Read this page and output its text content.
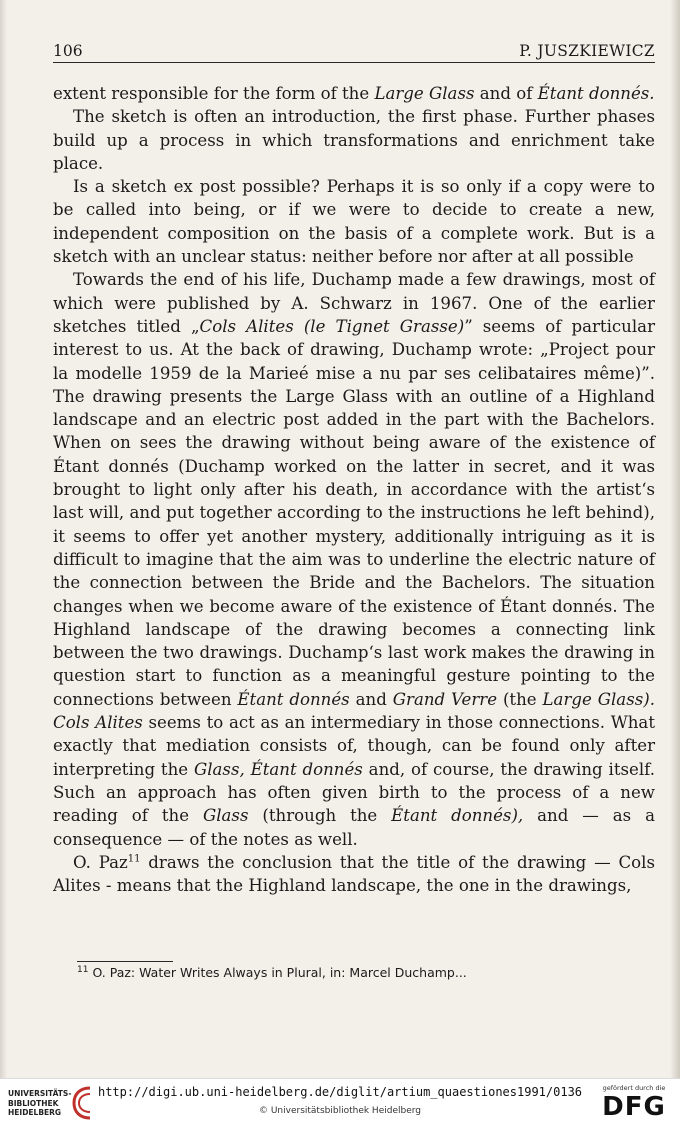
106	P. JUSZKIEWICZ

extent responsible for the form of the Large Glass and of Étant donnés.

The sketch is often an introduction, the first phase. Further phases build up a process in which transformations and enrichment take place.

Is a sketch ex post possible? Perhaps it is so only if a copy were to be called into being, or if we were to decide to create a new, independent composition on the basis of a complete work. But is a sketch with an unclear status: neither before nor after at all possible

Towards the end of his life, Duchamp made a few drawings, most of which were published by A. Schwarz in 1967. One of the earlier sketches titled „Cols Alites (le Tignet Grasse)” seems of particular interest to us. At the back of drawing, Duchamp wrote: „Project pour la modelle 1959 de la Marieé mise a nu par ses celibataires même)”. The drawing presents the Large Glass with an outline of a Highland landscape and an electric post added in the part with the Bachelors. When on sees the drawing without being aware of the existence of Étant donnés (Duchamp worked on the latter in secret, and it was brought to light only after his death, in accordance with the artist‘s last will, and put together according to the instructions he left behind), it seems to offer yet another mystery, additionally intriguing as it is difficult to imagine that the aim was to underline the electric nature of the connection between the Bride and the Bachelors. The situation changes when we become aware of the existence of Étant donnés. The Highland landscape of the drawing becomes a connecting link between the two drawings. Duchamp‘s last work makes the drawing in question start to function as a meaningful gesture pointing to the connections between Étant donnés and Grand Verre (the Large Glass). Cols Alites seems to act as an intermediary in those connections. What exactly that mediation consists of, though, can be found only after interpreting the Glass, Étant donnés and, of course, the drawing itself. Such an approach has often given birth to the process of a new reading of the Glass (through the Étant donnés), and — as a consequence — of the notes as well.

O. Paz$^{11}$ draws the conclusion that the title of the drawing — Cols Alites - means that the Highland landscape, the one in the drawings,

$^{11}$ O. Paz: Water Writes Always in Plural, in: Marcel Duchamp...
UNIVERSITÄTS-
BIBLIOTHEK
HEIDELBERG
http://digi.ub.uni-heidelberg.de/diglit/artium_quaestiones1991/0136
© Universitätsbibliothek Heidelberg
gefördert durch die
DFG
